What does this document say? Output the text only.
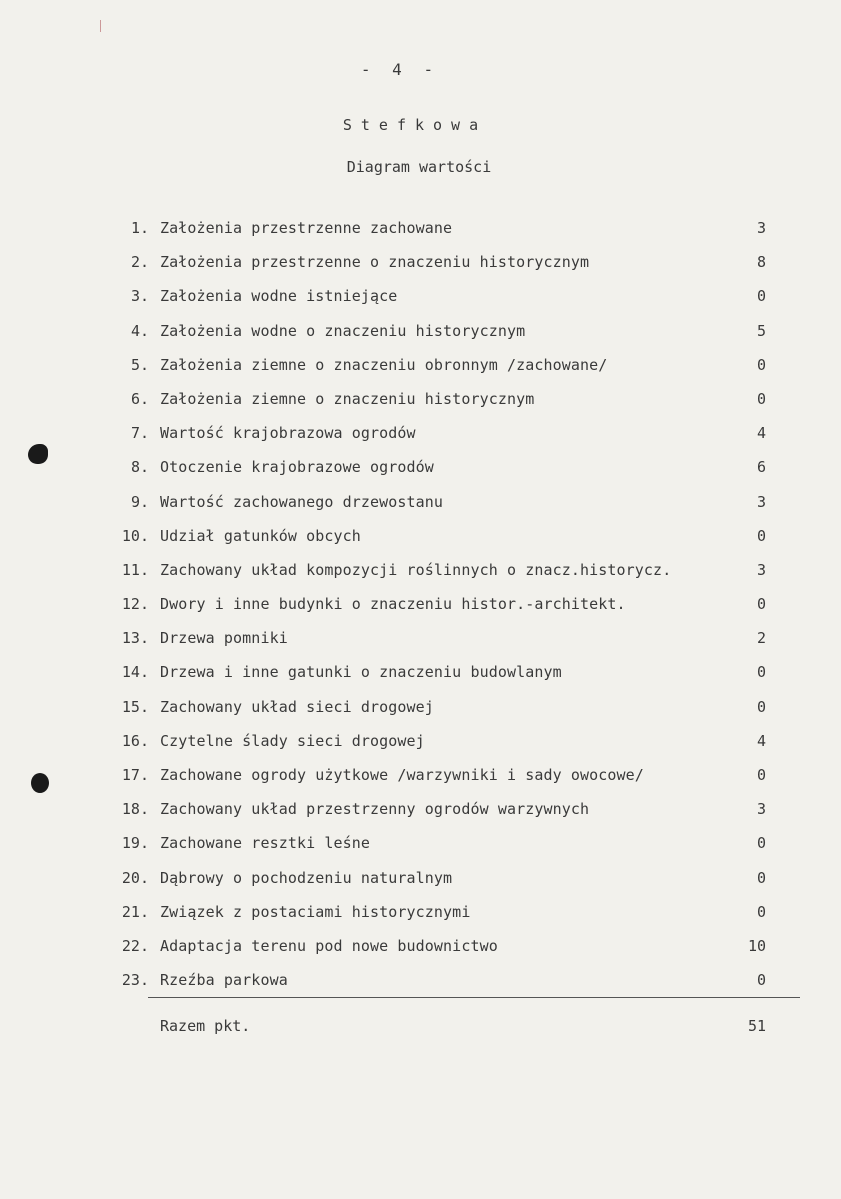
- 4 -
Stefkowa
Diagram wartości
1. Założenia przestrzenne zachowane	3
2. Założenia przestrzenne o znaczeniu historycznym	8
3. Założenia wodne istniejące	0
4. Założenia wodne o znaczeniu historycznym	5
5. Założenia ziemne o znaczeniu obronnym /zachowane/	0
6. Założenia ziemne o znaczeniu historycznym	0
7. Wartość krajobrazowa ogrodów	4
8. Otoczenie krajobrazowe ogrodów	6
9. Wartość zachowanego drzewostanu	3
10. Udział gatunków obcych	0
11. Zachowany układ kompozycji roślinnych o znacz.historycz.	3
12. Dwory i inne budynki o znaczeniu histor.-architekt.	0
13. Drzewa pomniki	2
14. Drzewa i inne gatunki o znaczeniu budowlanym	0
15. Zachowany układ sieci drogowej	0
16. Czytelne ślady sieci drogowej	4
17. Zachowane ogrody użytkowe /warzywniki i sady owocowe/	0
18. Zachowany układ przestrzenny ogrodów warzywnych	3
19. Zachowane resztki leśne	0
20. Dąbrowy o pochodzeniu naturalnym	0
21. Związek z postaciami historycznymi	0
22. Adaptacja terenu pod nowe budownictwo	10
23. Rzeźba parkowa	0
Razem pkt.	51
